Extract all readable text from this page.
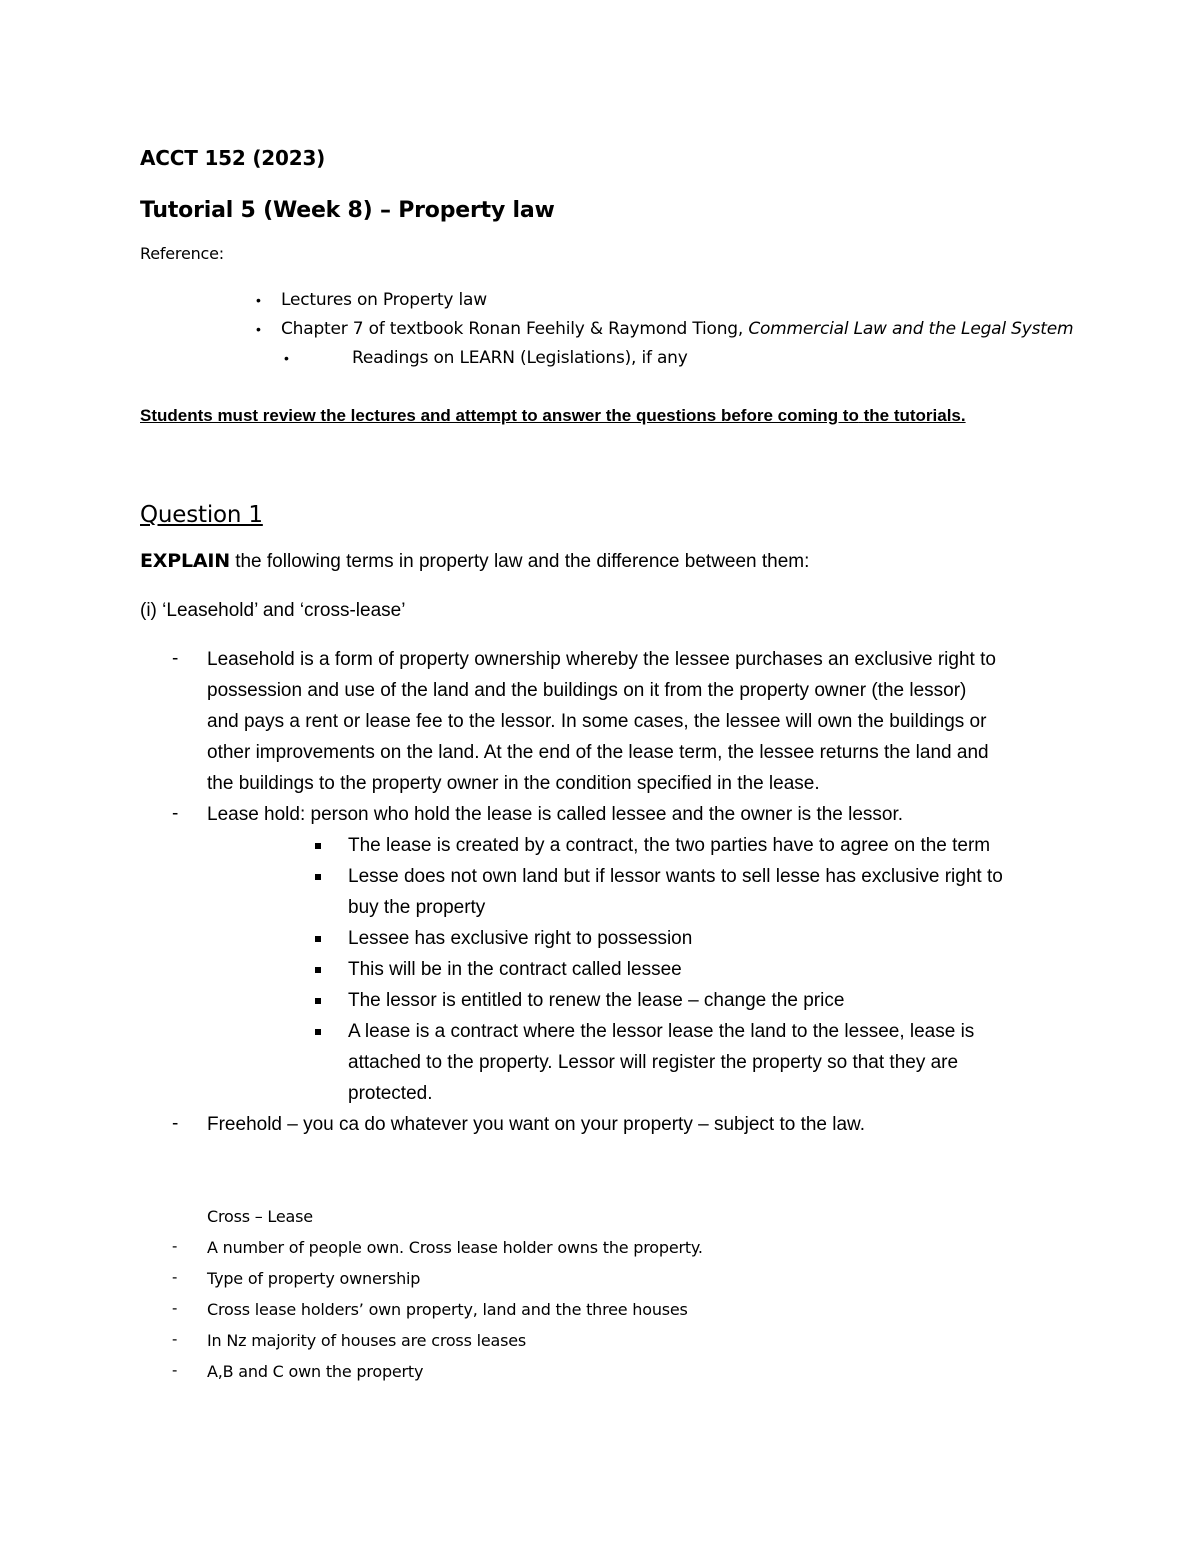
ACCT 152 (2023)
Tutorial 5 (Week 8) – Property law
Reference:
• Lectures on Property law
• Chapter 7 of textbook Ronan Feehily & Raymond Tiong, Commercial Law and the Legal System
•	Readings on LEARN (Legislations), if any
Students must review the lectures and attempt to answer the questions before coming to the tutorials.
Question 1
EXPLAIN the following terms in property law and the difference between them:
(i) ‘Leasehold’ and ‘cross-lease’
- Leasehold is a form of property ownership whereby the lessee purchases an exclusive right to
possession and use of the land and the buildings on it from the property owner (the lessor)
and pays a rent or lease fee to the lessor. In some cases, the lessee will own the buildings or
other improvements on the land. At the end of the lease term, the lessee returns the land and
the buildings to the property owner in the condition specified in the lease.
- Lease hold: person who hold the lease is called lessee and the owner is the lessor.
The lease is created by a contract, the two parties have to agree on the term
Lesse does not own land but if lessor wants to sell lesse has exclusive right to
buy the property
Lessee has exclusive right to possession
This will be in the contract called lessee
The lessor is entitled to renew the lease – change the price
A lease is a contract where the lessor lease the land to the lessee, lease is
attached to the property. Lessor will register the property so that they are
protected.
- Freehold – you ca do whatever you want on your property – subject to the law.
Cross – Lease
- A number of people own. Cross lease holder owns the property.
- Type of property ownership
- Cross lease holders’ own property, land and the three houses
- In Nz majority of houses are cross leases
- A,B and C own the property
